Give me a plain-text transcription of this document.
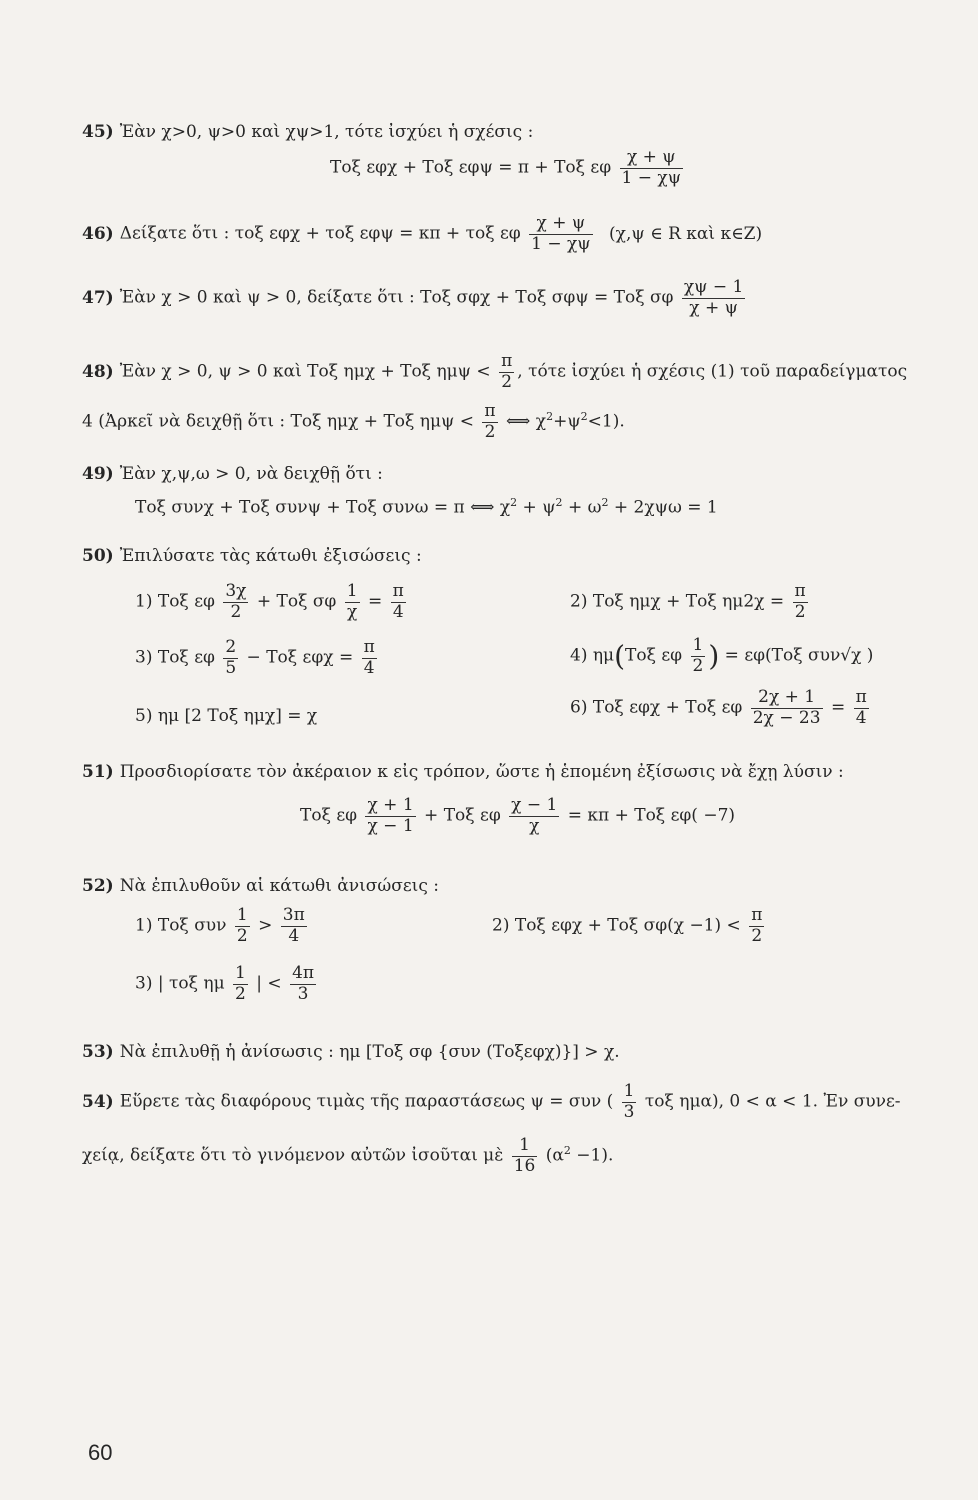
45) Ἐὰν χ>0, ψ>0 καὶ χψ>1, τότε ἰσχύει ἡ σχέσις :
Τοξ εφχ + Τοξ εφψ = π + Τοξ εφ $\frac{\chi + \psi}{1 - \chi\psi}$
46) Δείξατε ὅτι : τοξ εφχ + τοξ εφψ = κπ + τοξ εφ $\frac{\chi + \psi}{1 - \chi\psi} (\chi,\psi$ ∈ R καὶ κ∈Z)
47) Ἐὰν χ > 0 καὶ ψ > 0, δείξατε ὅτι : Τοξ σφχ + Τοξ σφψ = Τοξ σφ $\frac{\chi\psi - 1}{\chi + \psi}$
48) Ἐὰν χ > 0, ψ > 0 καὶ Τοξ ημχ + Τοξ $\eta\mu\psi < \frac{\pi}{2}$ , τότε ἰσχύει ἡ σχέσις (1) τοῦ παραδείγματος
4 (Ἀρκεῖ νὰ δειχθῇ ὅτι : Τοξ ημχ + Τοξ $\eta\mu\psi < \frac{\pi}{2}$ ⟺ $\chi^2+\psi^2<1$).
49) Ἐὰν χ,ψ,ω > 0, νὰ δειχθῇ ὅτι :
Τοξ συνχ + Τοξ συνψ + Τοξ συνω = π ⟺ $\chi^2 + \psi^2 + \omega^2 + 2\chi\psi\omega = 1$
50) Ἐπιλύσατε τὰς κάτωθι ἐξισώσεις :
1) Τοξ εφ $\frac{3\chi}{2} + To\xi$ σφ $\frac{1}{\chi} = \frac{\pi}{4}$	2) Τοξ ημχ + Τοξ $\eta\mu 2\chi = \frac{\pi}{2}$
3) Τοξ εφ $\frac{2}{5} - To\xi$ $\varepsilon\varphi\chi = \frac{\pi}{4}$	4) ημ(Τοξ εφ $\frac{1}{2}$ ) = εφ(Τοξ συν√χ )
5) ημ [2 Τοξ ημχ] = χ	6) Τοξ εφχ + Τοξ εφ $\frac{2\chi + 1}{2\chi - 23} = \frac{\pi}{4}$
51) Προσδιορίσατε τὸν ἀκέραιον κ εἰς τρόπον, ὥστε ἡ ἑπομένη ἐξίσωσις νὰ ἔχῃ λύσιν :
Τοξ εφ $\frac{\chi + 1}{\chi - 1} + To\xi$ εφ $\frac{\chi - 1}{\chi} = \kappa\pi + To\xi$ εφ( −7)
52) Νὰ ἐπιλυθοῦν αἱ κάτωθι ἀνισώσεις :
1) Τοξ συν $\frac{1}{2} > \frac{3\pi}{4}$	2) Τοξ εφχ + Τοξ $\sigma\varphi(\chi -1) < \frac{\pi}{2}$
3) | τοξ ημ $\frac{1}{2}$ | < $\frac{4\pi}{3}$
53) Νὰ ἐπιλυθῇ ἡ ἀνίσωσις : ημ [Τοξ σφ {συν (Τοξεφχ)}] > χ.
54) Εὕρετε τὰς διαφόρους τιμὰς τῆς παραστάσεως ψ = συν ( $\frac{1}{3}$ τοξ ημα), 0 < α < 1. Ἐν συνε-
χείᾳ, δείξατε ὅτι τὸ γινόμενον αὐτῶν ἰσοῦται μὲ $\frac{1}{16} (\alpha^2 -1)$.
60
